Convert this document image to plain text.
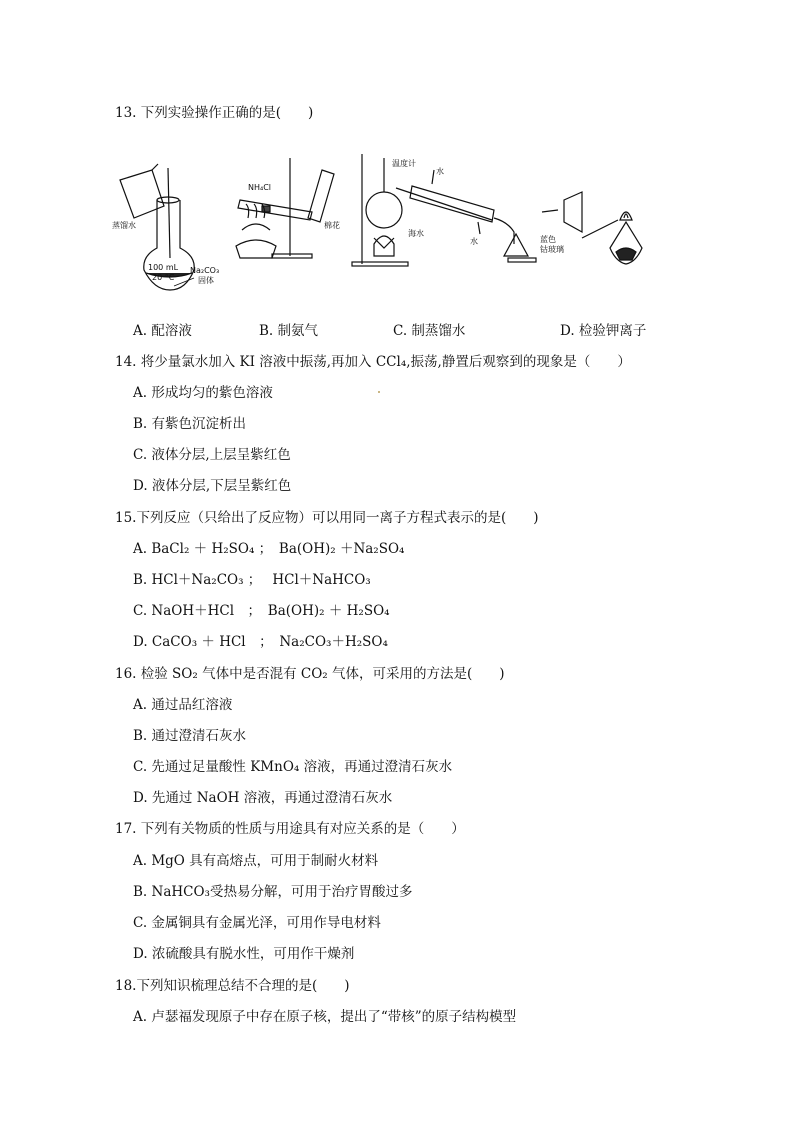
13. 下列实验操作正确的是(　　)
蒸馏水
100 mL
20 °C
Na₂CO₃
固体
NH₄Cl
棉花
温度计
水
海水
水	蓝色
钴玻璃
A. 配溶液	B. 制氨气	C. 制蒸馏水	D. 检验钾离子
14. 将少量氯水加入 KI 溶液中振荡,再加入 CCl₄,振荡,静置后观察到的现象是（　　）
A. 形成均匀的紫色溶液
B. 有紫色沉淀析出
C. 液体分层,上层呈紫红色
D. 液体分层,下层呈紫红色
15.下列反应（只给出了反应物）可以用同一离子方程式表示的是(　　)
A. BaCl₂ ＋ H₂SO₄ ；　Ba(OH)₂ ＋Na₂SO₄
B. HCl＋Na₂CO₃ ；　 HCl＋NaHCO₃
C. NaOH＋HCl　；　Ba(OH)₂ ＋ H₂SO₄
D. CaCO₃ ＋ HCl　；　Na₂CO₃＋H₂SO₄
16. 检验 SO₂ 气体中是否混有 CO₂ 气体，可采用的方法是(　　)
A. 通过品红溶液
B. 通过澄清石灰水
C. 先通过足量酸性 KMnO₄ 溶液，再通过澄清石灰水
D. 先通过 NaOH 溶液，再通过澄清石灰水
17. 下列有关物质的性质与用途具有对应关系的是（　　）
A. MgO 具有高熔点，可用于制耐火材料
B. NaHCO₃受热易分解，可用于治疗胃酸过多
C. 金属铜具有金属光泽，可用作导电材料
D. 浓硫酸具有脱水性，可用作干燥剂
18.下列知识梳理总结不合理的是(　　)
A. 卢瑟福发现原子中存在原子核，提出了“带核”的原子结构模型
